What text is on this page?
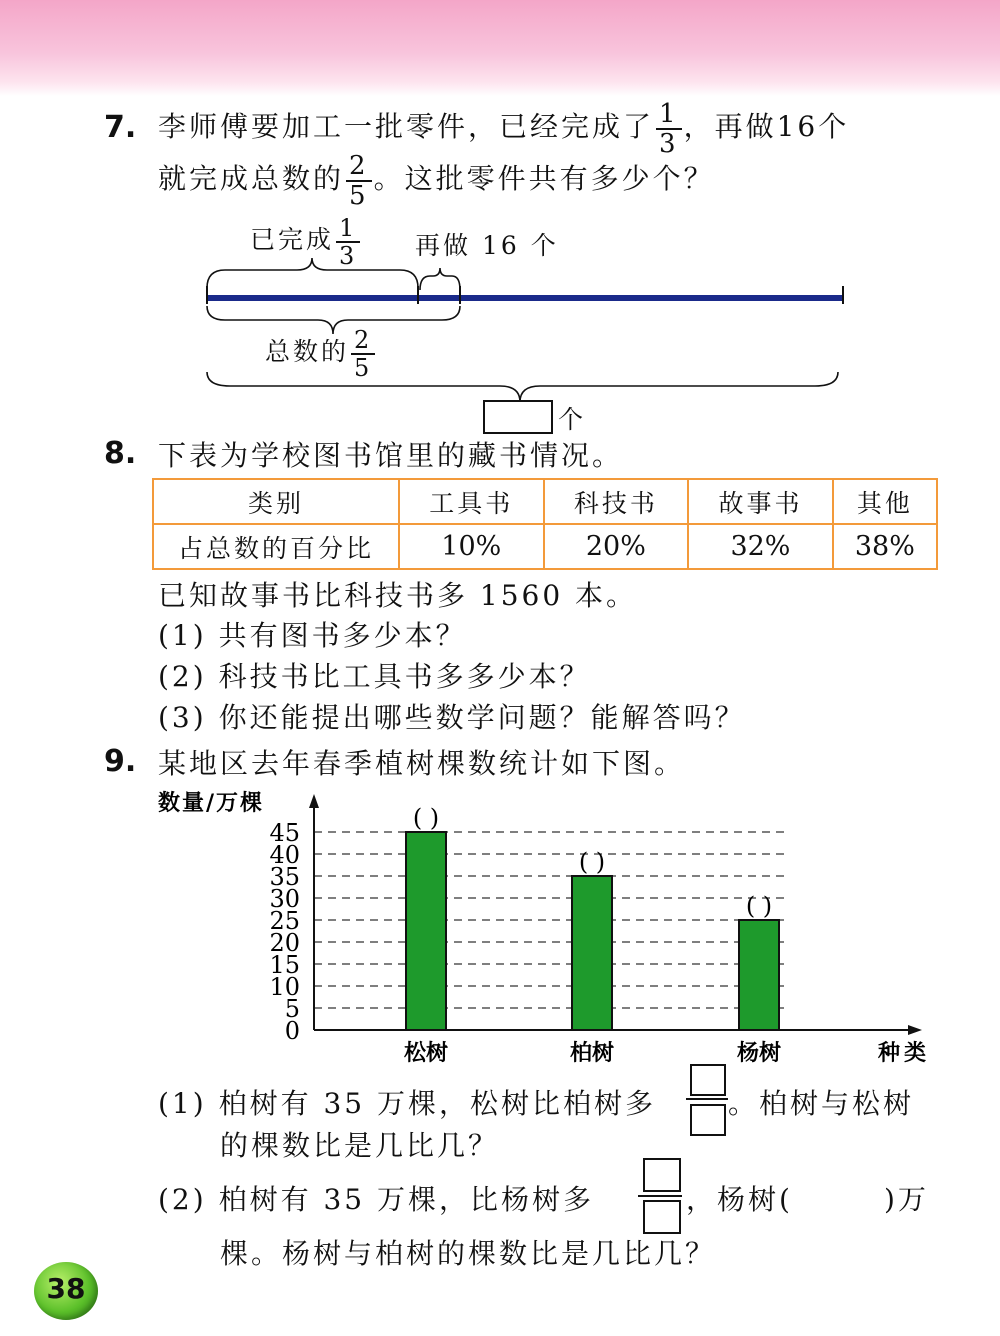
7. 李师傅要加工一批零件，已经完成了 $\frac{1}{3}$ ，再做16个
就完成总数的 $\frac{2}{5}$ 。这批零件共有多少个？
已完成 $\frac{1}{3}$ 再做 16 个
总数的 $\frac{2}{5}$
个
8. 下表为学校图书馆里的藏书情况。
类别	工具书	科技书	故事书	其他
占总数的百分比	10%	20%	32%	38%
已知故事书比科技书多 1560 本。
(1) 共有图书多少本？
(2) 科技书比工具书多多少本？
(3) 你还能提出哪些数学问题？能解答吗？
9. 某地区去年春季植树棵数统计如下图。
( )
松树
( )
柏树
( )
杨树
0
5
10
15
20
25
30
35
40
45
数量/万棵
种类
(1) 柏树有 35 万棵，松树比柏树多	。柏树与松树
的棵数比是几比几？
(2) 柏树有 35 万棵，比杨树多	，杨树(	)万
棵。杨树与柏树的棵数比是几比几？
38
